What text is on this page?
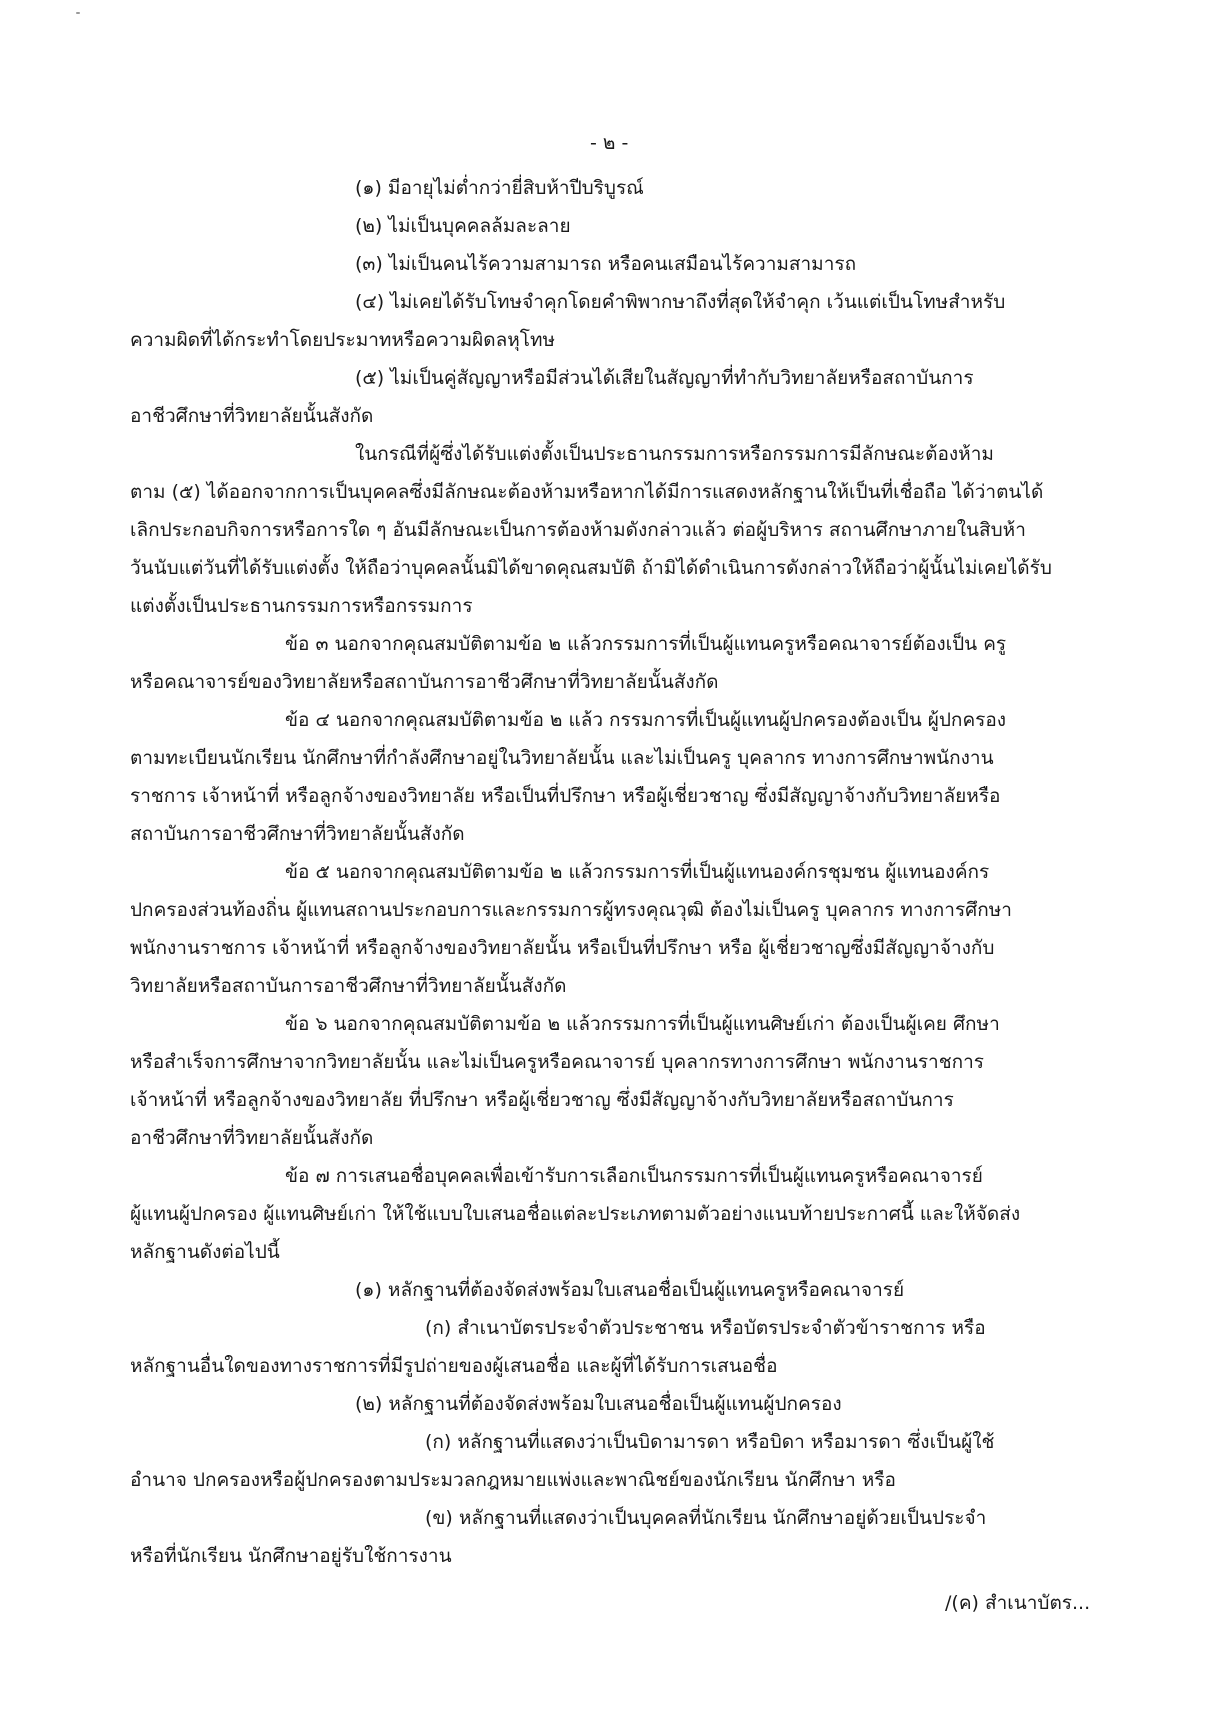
- ๒ -
(๑) มีอายุไม่ต่ำกว่ายี่สิบห้าปีบริบูรณ์
(๒) ไม่เป็นบุคคลล้มละลาย
(๓) ไม่เป็นคนไร้ความสามารถ หรือคนเสมือนไร้ความสามารถ
(๔) ไม่เคยได้รับโทษจำคุกโดยคำพิพากษาถึงที่สุดให้จำคุก เว้นแต่เป็นโทษสำหรับ
ความผิดที่ได้กระทำโดยประมาทหรือความผิดลหุโทษ
(๕) ไม่เป็นคู่สัญญาหรือมีส่วนได้เสียในสัญญาที่ทำกับวิทยาลัยหรือสถาบันการ
อาชีวศึกษาที่วิทยาลัยนั้นสังกัด
ในกรณีที่ผู้ซึ่งได้รับแต่งตั้งเป็นประธานกรรมการหรือกรรมการมีลักษณะต้องห้าม
ตาม (๕) ได้ออกจากการเป็นบุคคลซึ่งมีลักษณะต้องห้ามหรือหากได้มีการแสดงหลักฐานให้เป็นที่เชื่อถือ ได้ว่าตนได้
เลิกประกอบกิจการหรือการใด ๆ อันมีลักษณะเป็นการต้องห้ามดังกล่าวแล้ว ต่อผู้บริหาร สถานศึกษาภายในสิบห้า
วันนับแต่วันที่ได้รับแต่งตั้ง ให้ถือว่าบุคคลนั้นมิได้ขาดคุณสมบัติ ถ้ามิได้ดำเนินการดังกล่าวให้ถือว่าผู้นั้นไม่เคยได้รับ
แต่งตั้งเป็นประธานกรรมการหรือกรรมการ
ข้อ ๓ นอกจากคุณสมบัติตามข้อ ๒ แล้วกรรมการที่เป็นผู้แทนครูหรือคณาจารย์ต้องเป็น ครู
หรือคณาจารย์ของวิทยาลัยหรือสถาบันการอาชีวศึกษาที่วิทยาลัยนั้นสังกัด
ข้อ ๔ นอกจากคุณสมบัติตามข้อ ๒ แล้ว กรรมการที่เป็นผู้แทนผู้ปกครองต้องเป็น ผู้ปกครอง
ตามทะเบียนนักเรียน นักศึกษาที่กำลังศึกษาอยู่ในวิทยาลัยนั้น และไม่เป็นครู บุคลากร ทางการศึกษาพนักงาน
ราชการ เจ้าหน้าที่ หรือลูกจ้างของวิทยาลัย หรือเป็นที่ปรึกษา หรือผู้เชี่ยวชาญ ซึ่งมีสัญญาจ้างกับวิทยาลัยหรือ
สถาบันการอาชีวศึกษาที่วิทยาลัยนั้นสังกัด
ข้อ ๕ นอกจากคุณสมบัติตามข้อ ๒ แล้วกรรมการที่เป็นผู้แทนองค์กรชุมชน ผู้แทนองค์กร
ปกครองส่วนท้องถิ่น ผู้แทนสถานประกอบการและกรรมการผู้ทรงคุณวุฒิ ต้องไม่เป็นครู บุคลากร ทางการศึกษา
พนักงานราชการ เจ้าหน้าที่ หรือลูกจ้างของวิทยาลัยนั้น หรือเป็นที่ปรึกษา หรือ ผู้เชี่ยวชาญซึ่งมีสัญญาจ้างกับ
วิทยาลัยหรือสถาบันการอาชีวศึกษาที่วิทยาลัยนั้นสังกัด
ข้อ ๖ นอกจากคุณสมบัติตามข้อ ๒ แล้วกรรมการที่เป็นผู้แทนศิษย์เก่า ต้องเป็นผู้เคย ศึกษา
หรือสำเร็จการศึกษาจากวิทยาลัยนั้น และไม่เป็นครูหรือคณาจารย์ บุคลากรทางการศึกษา พนักงานราชการ
เจ้าหน้าที่ หรือลูกจ้างของวิทยาลัย ที่ปรึกษา หรือผู้เชี่ยวชาญ ซึ่งมีสัญญาจ้างกับวิทยาลัยหรือสถาบันการ
อาชีวศึกษาที่วิทยาลัยนั้นสังกัด
ข้อ ๗ การเสนอชื่อบุคคลเพื่อเข้ารับการเลือกเป็นกรรมการที่เป็นผู้แทนครูหรือคณาจารย์
ผู้แทนผู้ปกครอง ผู้แทนศิษย์เก่า ให้ใช้แบบใบเสนอชื่อแต่ละประเภทตามตัวอย่างแนบท้ายประกาศนี้ และให้จัดส่ง
หลักฐานดังต่อไปนี้
(๑) หลักฐานที่ต้องจัดส่งพร้อมใบเสนอชื่อเป็นผู้แทนครูหรือคณาจารย์
(ก) สำเนาบัตรประจำตัวประชาชน หรือบัตรประจำตัวข้าราชการ หรือ
หลักฐานอื่นใดของทางราชการที่มีรูปถ่ายของผู้เสนอชื่อ และผู้ที่ได้รับการเสนอชื่อ
(๒) หลักฐานที่ต้องจัดส่งพร้อมใบเสนอชื่อเป็นผู้แทนผู้ปกครอง
(ก) หลักฐานที่แสดงว่าเป็นบิดามารดา หรือบิดา หรือมารดา ซึ่งเป็นผู้ใช้
อำนาจ ปกครองหรือผู้ปกครองตามประมวลกฎหมายแพ่งและพาณิชย์ของนักเรียน นักศึกษา หรือ
(ข) หลักฐานที่แสดงว่าเป็นบุคคลที่นักเรียน นักศึกษาอยู่ด้วยเป็นประจำ
หรือที่นักเรียน นักศึกษาอยู่รับใช้การงาน
/(ค) สำเนาบัตร...
